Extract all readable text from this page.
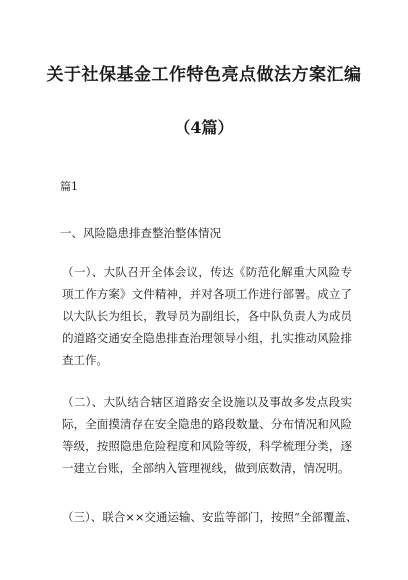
关于社保基金工作特色亮点做法方案汇编
（4篇）
篇1
一、风险隐患排查整治整体情况
（一）、大队召开全体会议，传达《防范化解重大风险专
项工作方案》文件精神，并对各项工作进行部署。成立了
以大队长为组长，教导员为副组长，各中队负责人为成员
的道路交通安全隐患排查治理领导小组，扎实推动风险排
查工作。
（二）、大队结合辖区道路安全设施以及事故多发点段实
际，全面摸清存在安全隐患的路段数量、分布情况和风险
等级，按照隐患危险程度和风险等级，科学梳理分类，逐
一建立台账，全部纳入管理视线，做到底数清，情况明。
（三）、联合××交通运输、安监等部门，按照“全部覆盖、
